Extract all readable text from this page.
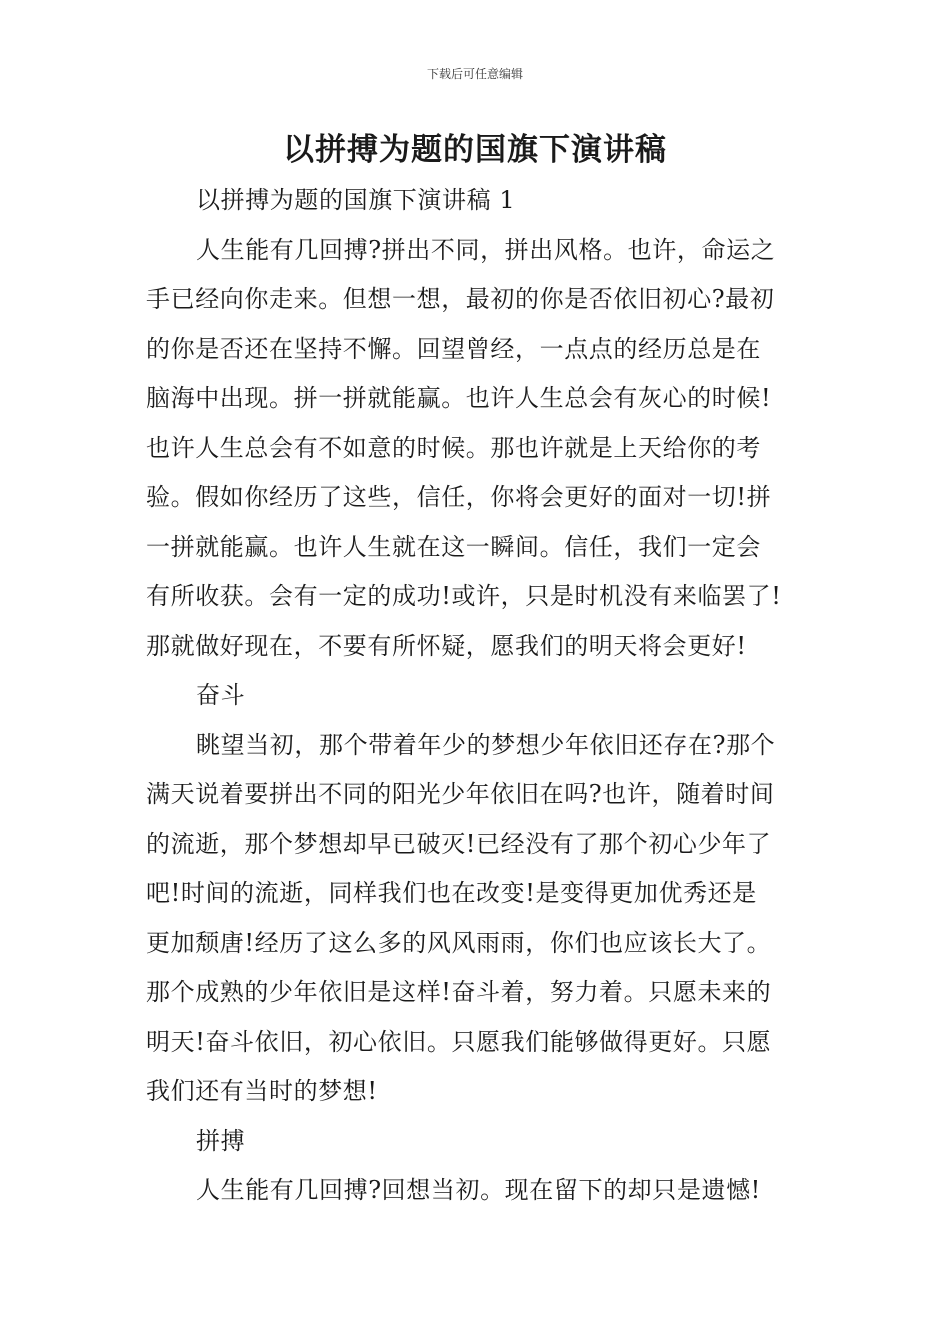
下载后可任意编辑
以拼搏为题的国旗下演讲稿

以拼搏为题的国旗下演讲稿 1

人生能有几回搏?拼出不同，拼出风格。也许，命运之

手已经向你走来。但想一想，最初的你是否依旧初心?最初

的你是否还在坚持不懈。回望曾经，一点点的经历总是在

脑海中出现。拼一拼就能赢。也许人生总会有灰心的时候!

也许人生总会有不如意的时候。那也许就是上天给你的考

验。假如你经历了这些，信任，你将会更好的面对一切!拼

一拼就能赢。也许人生就在这一瞬间。信任，我们一定会

有所收获。会有一定的成功!或许，只是时机没有来临罢了!

那就做好现在，不要有所怀疑，愿我们的明天将会更好!

奋斗

眺望当初，那个带着年少的梦想少年依旧还存在?那个

满天说着要拼出不同的阳光少年依旧在吗?也许，随着时间

的流逝，那个梦想却早已破灭!已经没有了那个初心少年了

吧!时间的流逝，同样我们也在改变!是变得更加优秀还是

更加颓唐!经历了这么多的风风雨雨，你们也应该长大了。

那个成熟的少年依旧是这样!奋斗着，努力着。只愿未来的

明天!奋斗依旧，初心依旧。只愿我们能够做得更好。只愿

我们还有当时的梦想!

拼搏

人生能有几回搏?回想当初。现在留下的却只是遗憾!
